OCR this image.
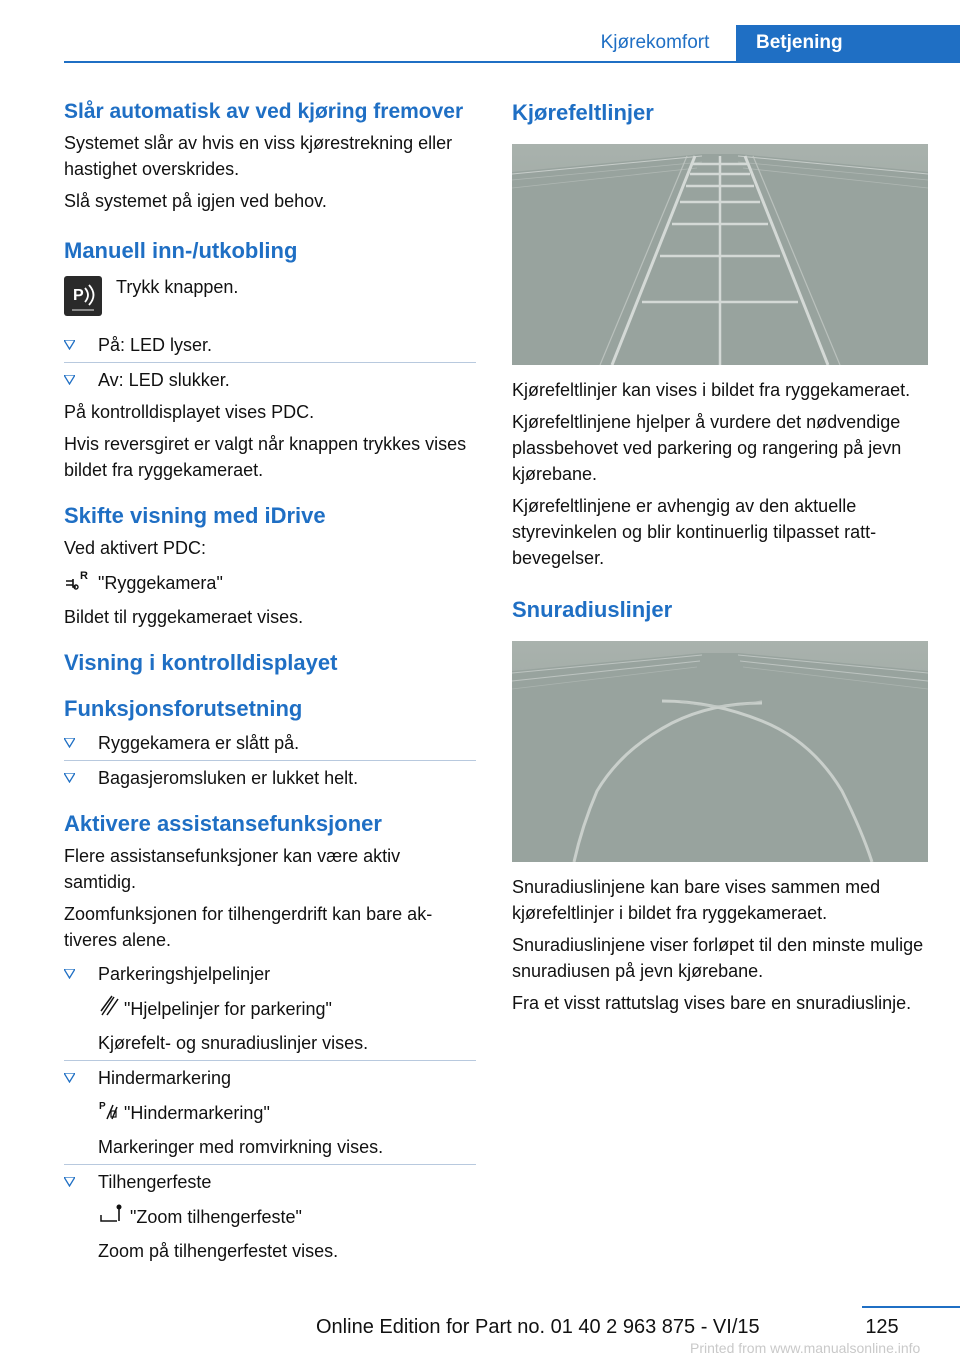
Kjørekomfort	Betjening
Slår automatisk av ved kjøring fremover
Systemet slår av hvis en viss kjørestrekning eller hastighet overskrides.
Slå systemet på igjen ved behov.
Manuell inn-/utkobling
P Trykk knappen.
På: LED lyser.
Av: LED slukker.
På kontrolldisplayet vises PDC.
Hvis reversgiret er valgt når knappen trykkes vises bildet fra ryggekameraet.
Skifte visning med iDrive
Ved aktivert PDC:
R "Ryggekamera"
Bildet til ryggekameraet vises.
Visning i kontrolldisplayet
Funksjonsforutsetning
Ryggekamera er slått på.
Bagasjeromsluken er lukket helt.
Aktivere assistansefunksjoner
Flere assistansefunksjoner kan være aktiv samtidig.
Zoomfunksjonen for tilhengerdrift kan bare aktiveres alene.
Parkeringshjelpelinjer
"Hjelpelinjer for parkering"
Kjørefelt- og snuradiuslinjer vises.
Hindermarkering
P "Hindermarkering"
Markeringer med romvirkning vises.
Tilhengerfeste
"Zoom tilhengerfeste"
Zoom på tilhengerfestet vises.
Kjørefeltlinjer
Kjørefeltlinjer kan vises i bildet fra ryggekameraet.
Kjørefeltlinjene hjelper å vurdere det nødvendige plassbehovet ved parkering og rangering på jevn kjørebane.
Kjørefeltlinjene er avhengig av den aktuelle styrevinkelen og blir kontinuerlig tilpasset rattbevegelser.
Snuradiuslinjer
Snuradiuslinjene kan bare vises sammen med kjørefeltlinjer i bildet fra ryggekameraet.
Snuradiuslinjene viser forløpet til den minste mulige snuradiusen på jevn kjørebane.
Fra et visst rattutslag vises bare en snuradiuslinje.
125
Online Edition for Part no. 01 40 2 963 875 - VI/15
Printed from www.manualsonline.info
